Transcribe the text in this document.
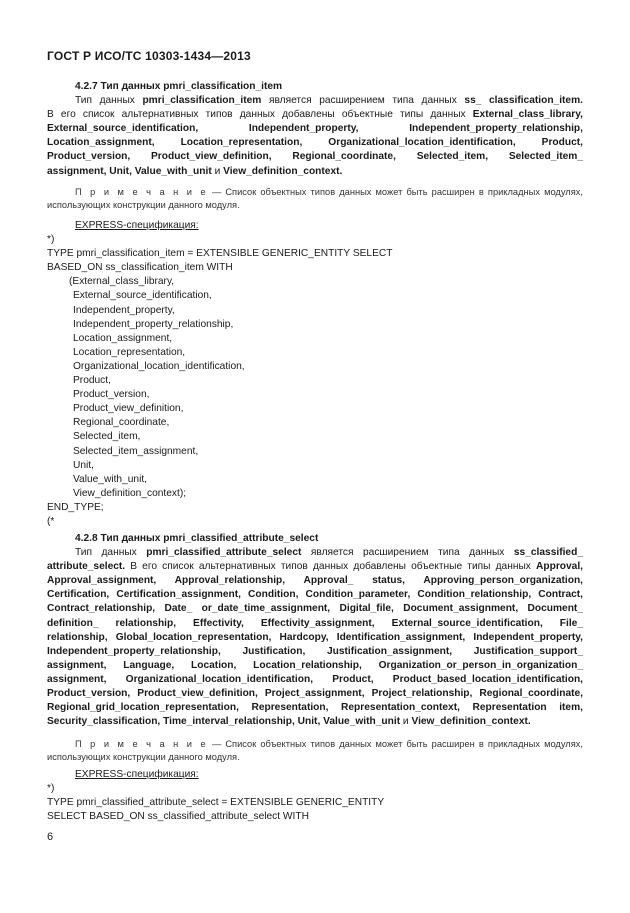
ГОСТ Р ИСО/ТС 10303-1434—2013
4.2.7 Тип данных pmri_classification_item
Тип данных pmri_classification_item является расширением типа данных ss_ classification_item.
В его список альтернативных типов данных добавлены объектные типы данных External_class_library,
External_source_identification, Independent_property, Independent_property_relationship,
Location_assignment, Location_representation, Organizational_location_identification, Product,
Product_version, Product_view_definition, Regional_coordinate, Selected_item, Selected_item_
assignment, Unit, Value_with_unit и View_definition_context.
П р и м е ч а н и е — Список объектных типов данных может быть расширен в прикладных модулях,
использующих конструкции данного модуля.
EXPRESS-спецификация:
*)
TYPE pmri_classification_item = EXTENSIBLE GENERIC_ENTITY SELECT
BASED_ON ss_classification_item WITH
(External_class_library,
External_source_identification,
Independent_property,
Independent_property_relationship,
Location_assignment,
Location_representation,
Organizational_location_identification,
Product,
Product_version,
Product_view_definition,
Regional_coordinate,
Selected_item,
Selected_item_assignment,
Unit,
Value_with_unit,
View_definition_context);
END_TYPE;
(*
4.2.8 Тип данных pmri_classified_attribute_select
Тип данных pmri_classified_attribute_select является расширением типа данных ss_classified_
attribute_select. В его список альтернативных типов данных добавлены объектные типы данных Approval,
Approval_assignment, Approval_relationship, Approval_ status, Approving_person_organization,
Certification, Certification_assignment, Condition, Condition_parameter, Condition_relationship, Contract,
Contract_relationship, Date_ or_date_time_assignment, Digital_file, Document_assignment, Document_
definition_ relationship, Effectivity, Effectivity_assignment, External_source_identification, File_
relationship, Global_location_representation, Hardcopy, Identification_assignment, Independent_property,
Independent_property_relationship, Justification, Justification_assignment, Justification_support_
assignment, Language, Location, Location_relationship, Organization_or_person_in_organization_
assignment, Organizational_location_identification, Product, Product_based_location_identification,
Product_version, Product_view_definition, Project_assignment, Project_relationship, Regional_coordinate,
Regional_grid_location_representation, Representation, Representation_context, Representation item,
Security_classification, Time_interval_relationship, Unit, Value_with_unit и View_definition_context.
П р и м е ч а н и е — Список объектных типов данных может быть расширен в прикладных модулях,
использующих конструкции данного модуля.
EXPRESS-спецификация:
*)
TYPE pmri_classified_attribute_select = EXTENSIBLE GENERIC_ENTITY
SELECT BASED_ON ss_classified_attribute_select WITH
6
